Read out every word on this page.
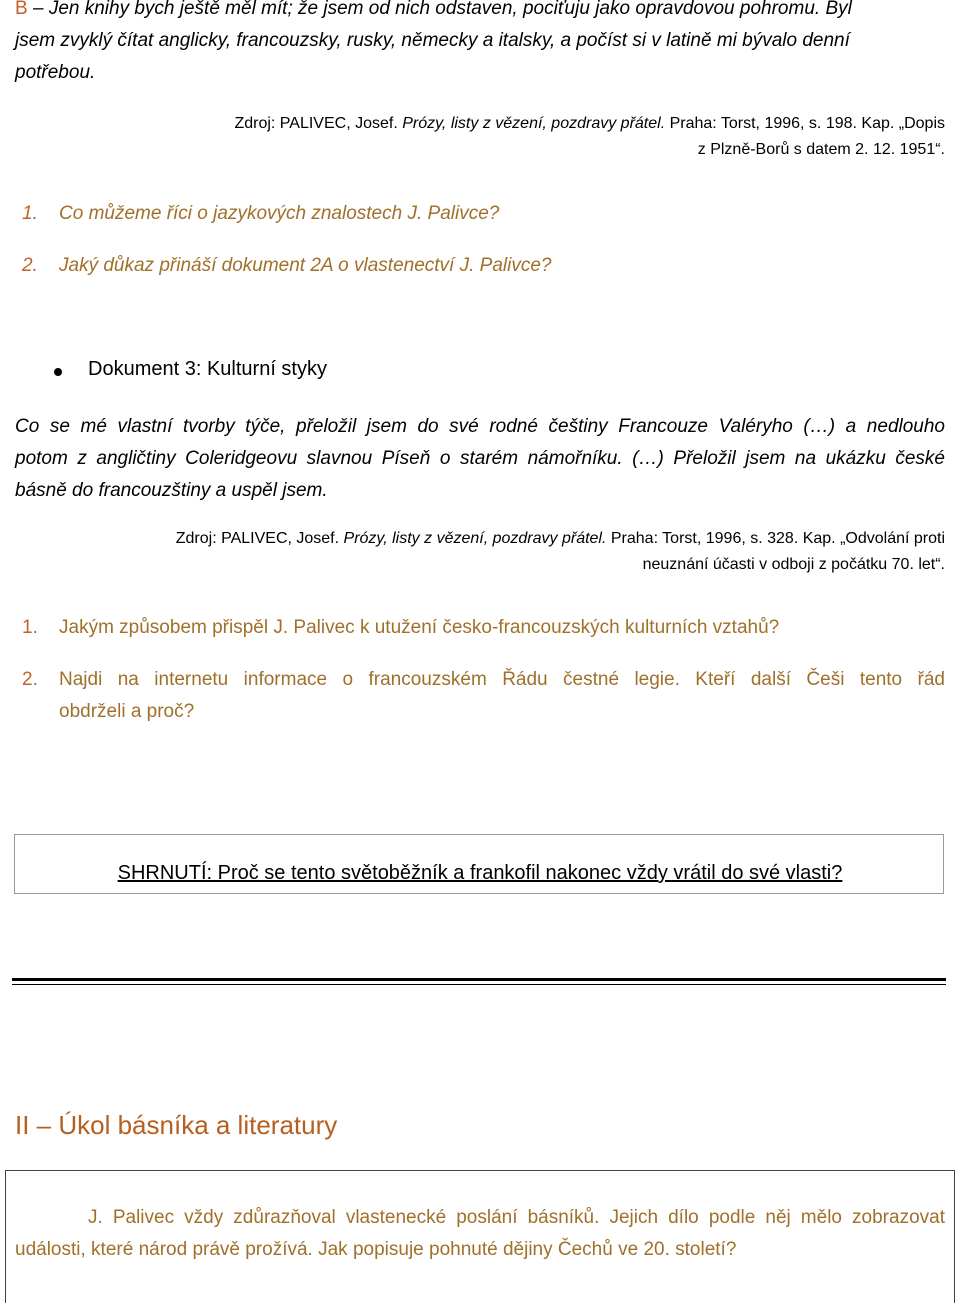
B – Jen knihy bych ještě měl mít; že jsem od nich odstaven, pociťuju jako opravdovou pohromu. Byl
jsem zvyklý čítat anglicky, francouzsky, rusky, německy a italsky, a počíst si v latině mi bývalo denní
potřebou.
Zdroj: PALIVEC, Josef. Prózy, listy z vězení, pozdravy přátel. Praha: Torst, 1996, s. 198. Kap. „Dopis
z Plzně-Borů s datem 2. 12. 1951“.
1. Co můžeme říci o jazykových znalostech J. Palivce?
2. Jaký důkaz přináší dokument 2A o vlastenectví J. Palivce?
Dokument 3: Kulturní styky
Co se mé vlastní tvorby týče, přeložil jsem do své rodné češtiny Francouze Valéryho (…) a nedlouho
potom z angličtiny Coleridgeovu slavnou Píseň o starém námořníku. (…) Přeložil jsem na ukázku české
básně do francouzštiny a uspěl jsem.
Zdroj: PALIVEC, Josef. Prózy, listy z vězení, pozdravy přátel. Praha: Torst, 1996, s. 328. Kap. „Odvolání proti
neuznání účasti v odboji z počátku 70. let“.
1. Jakým způsobem přispěl J. Palivec k utužení česko-francouzských kulturních vztahů?
2. Najdi na internetu informace o francouzském Řádu čestné legie. Kteří další Češi tento řád
obdrželi a proč?
SHRNUTÍ: Proč se tento světoběžník a frankofil nakonec vždy vrátil do své vlasti?
II – Úkol básníka a literatury
J. Palivec vždy zdůrazňoval vlastenecké poslání básníků. Jejich dílo podle něj mělo zobrazovat
události, které národ právě prožívá. Jak popisuje pohnuté dějiny Čechů ve 20. století?
